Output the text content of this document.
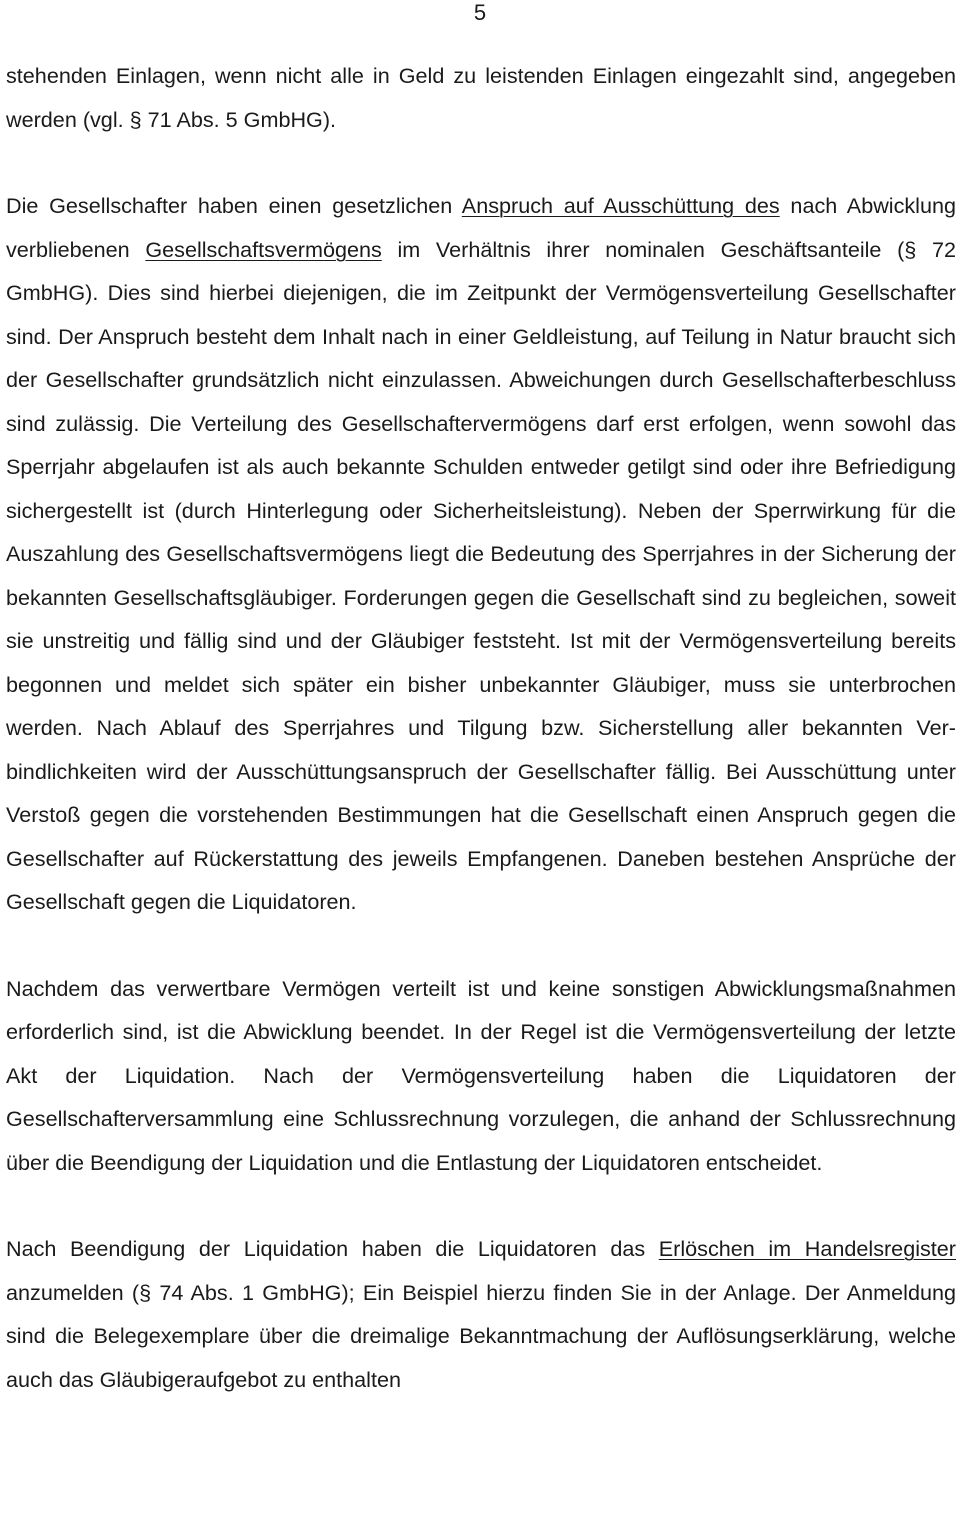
5

stehenden Einlagen, wenn nicht alle in Geld zu leistenden Einlagen eingezahlt sind, angegeben werden (vgl. § 71 Abs. 5 GmbHG).

Die Gesellschafter haben einen gesetzlichen Anspruch auf Ausschüttung des nach Abwicklung verbliebenen Gesellschaftsvermögens im Verhältnis ihrer nominalen Geschäftsanteile (§ 72 GmbHG). Dies sind hierbei diejenigen, die im Zeitpunkt der Vermögensverteilung Gesellschafter sind. Der Anspruch besteht dem Inhalt nach in einer Geldleistung, auf Teilung in Natur braucht sich der Gesellschafter grundsätzlich nicht einzulassen. Abweichungen durch Gesellschafterbeschluss sind zulässig. Die Verteilung des Gesellschaftervermögens darf erst erfolgen, wenn sowohl das Sperrjahr abgelaufen ist als auch bekannte Schulden entweder getilgt sind oder ihre Befriedigung sichergestellt ist (durch Hinterlegung oder Sicherheitsleistung). Neben der Sperrwirkung für die Auszahlung des Gesellschaftsvermögens liegt die Bedeutung des Sperrjahres in der Sicherung der bekannten Gesellschaftsgläubiger. Forderungen gegen die Gesellschaft sind zu begleichen, soweit sie unstreitig und fällig sind und der Gläubiger feststeht. Ist mit der Vermögensverteilung bereits begonnen und meldet sich später ein bisher unbekannter Gläubiger, muss sie unterbrochen werden. Nach Ablauf des Sperrjahres und Tilgung bzw. Sicherstellung aller bekannten Verbindlichkeiten wird der Ausschüttungsanspruch der Gesellschafter fällig. Bei Ausschüttung unter Verstoß gegen die vorstehenden Bestimmungen hat die Gesellschaft einen Anspruch gegen die Gesellschafter auf Rückerstattung des jeweils Empfangenen. Daneben bestehen Ansprüche der Gesellschaft gegen die Liquidatoren.

Nachdem das verwertbare Vermögen verteilt ist und keine sonstigen Abwicklungsmaßnahmen erforderlich sind, ist die Abwicklung beendet. In der Regel ist die Vermögensverteilung der letzte Akt der Liquidation. Nach der Vermögensverteilung haben die Liquidatoren der Gesellschafterversammlung eine Schlussrechnung vorzulegen, die anhand der Schlussrechnung über die Beendigung der Liquidation und die Entlastung der Liquidatoren entscheidet.

Nach Beendigung der Liquidation haben die Liquidatoren das Erlöschen im Handelsregister anzumelden (§ 74 Abs. 1 GmbHG); Ein Beispiel hierzu finden Sie in der Anlage. Der Anmeldung sind die Belegexemplare über die dreimalige Bekanntmachung der Auflösungserklärung, welche auch das Gläubigeraufgebot zu enthalten
